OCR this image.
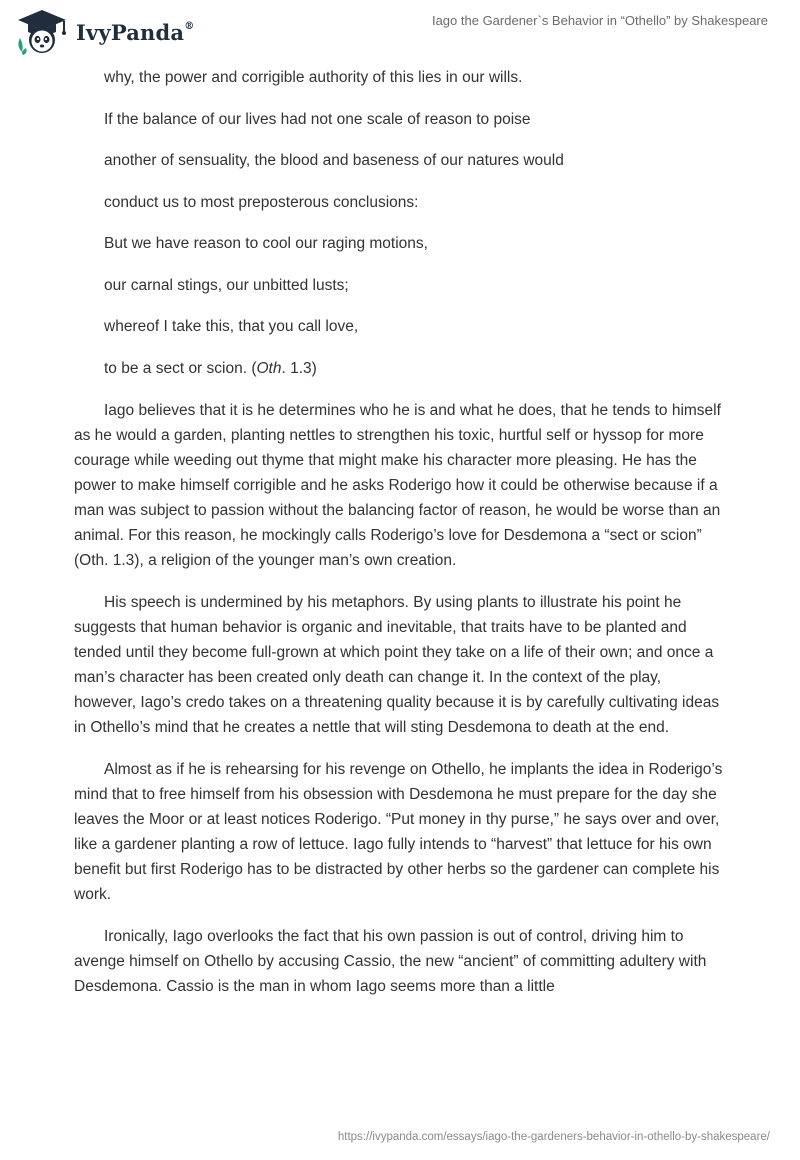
IvyPanda®	Iago the Gardener`s Behavior in “Othello” by Shakespeare

why, the power and corrigible authority of this lies in our wills.

If the balance of our lives had not one scale of reason to poise

another of sensuality, the blood and baseness of our natures would

conduct us to most preposterous conclusions:

But we have reason to cool our raging motions,

our carnal stings, our unbitted lusts;

whereof I take this, that you call love,

to be a sect or scion. (Oth. 1.3)

Iago believes that it is he determines who he is and what he does, that he tends to himself as he would a garden, planting nettles to strengthen his toxic, hurtful self or hyssop for more courage while weeding out thyme that might make his character more pleasing. He has the power to make himself corrigible and he asks Roderigo how it could be otherwise because if a man was subject to passion without the balancing factor of reason, he would be worse than an animal. For this reason, he mockingly calls Roderigo’s love for Desdemona a “sect or scion” (Oth. 1.3), a religion of the younger man’s own creation.

His speech is undermined by his metaphors. By using plants to illustrate his point he suggests that human behavior is organic and inevitable, that traits have to be planted and tended until they become full-grown at which point they take on a life of their own; and once a man’s character has been created only death can change it. In the context of the play, however, Iago’s credo takes on a threatening quality because it is by carefully cultivating ideas in Othello’s mind that he creates a nettle that will sting Desdemona to death at the end.

Almost as if he is rehearsing for his revenge on Othello, he implants the idea in Roderigo’s mind that to free himself from his obsession with Desdemona he must prepare for the day she leaves the Moor or at least notices Roderigo. “Put money in thy purse,” he says over and over, like a gardener planting a row of lettuce. Iago fully intends to “harvest” that lettuce for his own benefit but first Roderigo has to be distracted by other herbs so the gardener can complete his work.

Ironically, Iago overlooks the fact that his own passion is out of control, driving him to avenge himself on Othello by accusing Cassio, the new “ancient” of committing adultery with Desdemona. Cassio is the man in whom Iago seems more than a little

https://ivypanda.com/essays/iago-the-gardeners-behavior-in-othello-by-shakespeare/
